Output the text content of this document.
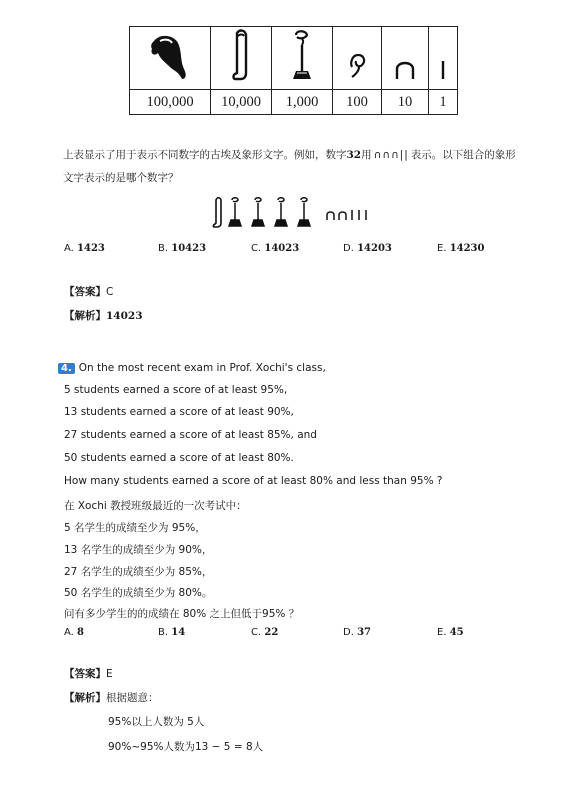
100,000	10,000	1,000	100	10	1
上表显示了用于表示不同数字的古埃及象形文字。例如，数字32用 ∩∩∩|| 表示。以下组合的象形
文字表示的是哪个数字？
A. 1423	B. 10423	C. 14023	D. 14203	E. 14230
【答案】C
【解析】14023
4. On the most recent exam in Prof. Xochi's class,
5 students earned a score of at least 95%,
13 students earned a score of at least 90%,
27 students earned a score of at least 85%, and
50 students earned a score of at least 80%.
How many students earned a score of at least 80% and less than 95% ?
在 Xochi 教授班级最近的一次考试中：
5 名学生的成绩至少为 95%，
13 名学生的成绩至少为 90%，
27 名学生的成绩至少为 85%，
50 名学生的成绩至少为 80%。
问有多少学生的的成绩在 80% 之上但低于95% ？
A. 8	B. 14	C. 22	D. 37	E. 45
【答案】E
【解析】根据题意：
95%以上人数为 5人
90%~95%人数为13 − 5 = 8人
